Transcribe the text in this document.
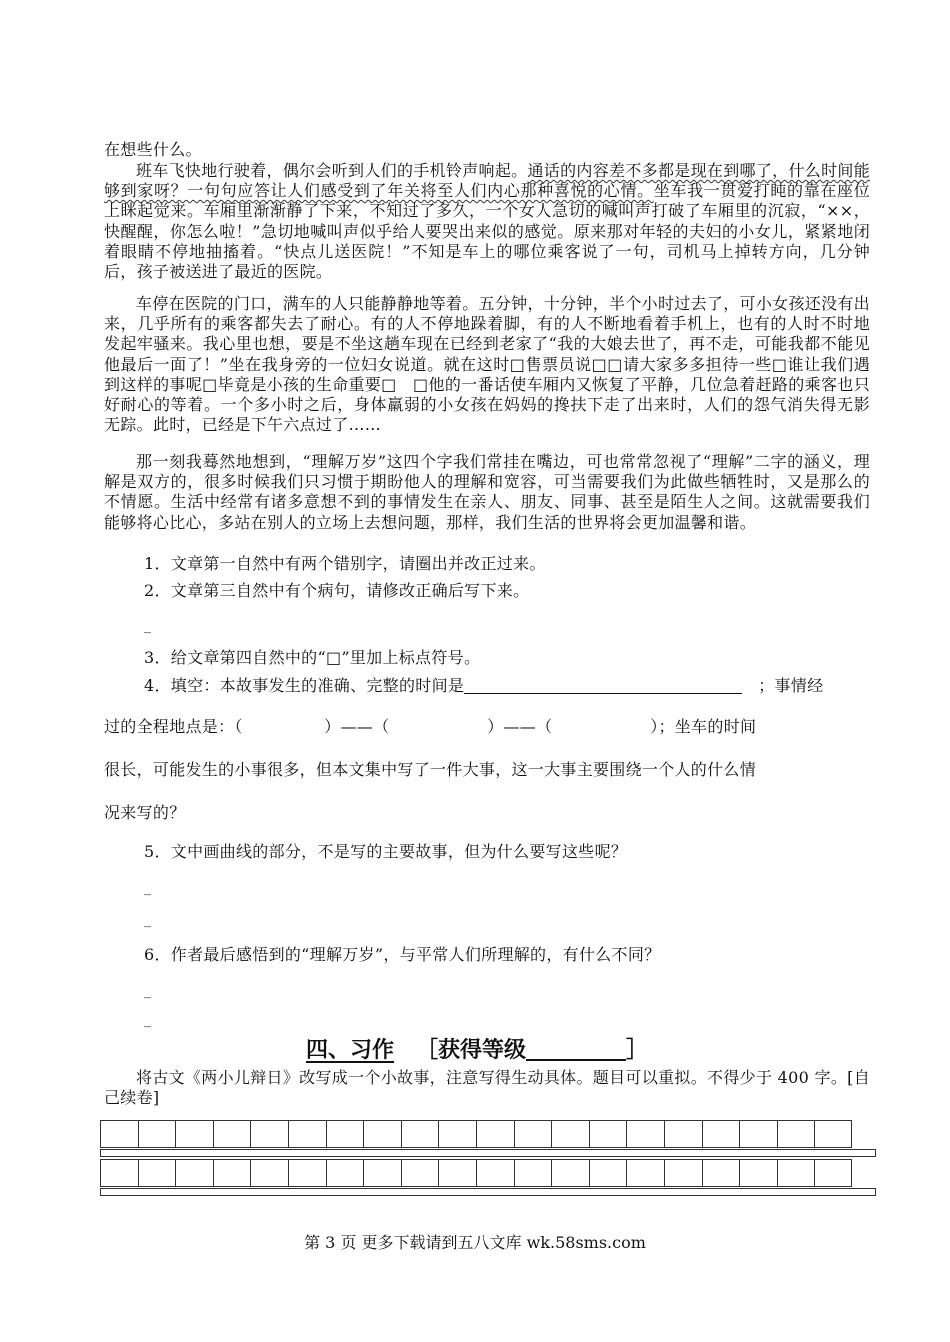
在想些什么。

班车飞快地行驶着，偶尔会听到人们的手机铃声响起。通话的内容差不多都是现在到哪了，什么时间能够到家呀？一句句应答让人们感受到了年关将至人们内心那种喜悦的心情。坐车我一贯爱打盹的靠在座位上眯起觉来。车厢里渐渐静了下来，不知过了多久，一个女人急切的喊叫声打破了车厢里的沉寂，“××，快醒醒，你怎么啦！”急切地喊叫声似乎给人要哭出来似的感觉。原来那对年轻的夫妇的小女儿，紧紧地闭着眼睛不停地抽搐着。“快点儿送医院！”不知是车上的哪位乘客说了一句，司机马上掉转方向，几分钟后，孩子被送进了最近的医院。

车停在医院的门口，满车的人只能静静地等着。五分钟，十分钟，半个小时过去了，可小女孩还没有出来，几乎所有的乘客都失去了耐心。有的人不停地跺着脚，有的人不断地看着手机上，也有的人时不时地发起牢骚来。我心里也想，要是不坐这趟车现在已经到老家了“我的大娘去世了，再不走，可能我都不能见他最后一面了！”坐在我身旁的一位妇女说道。就在这时□售票员说□□请大家多多担待一些□谁让我们遇到这样的事呢□毕竟是小孩的生命重要□　□他的一番话使车厢内又恢复了平静，几位急着赶路的乘客也只好耐心的等着。一个多小时之后，身体羸弱的小女孩在妈妈的搀扶下走了出来时，人们的怨气消失得无影无踪。此时，已经是下午六点过了……

那一刻我蓦然地想到，“理解万岁”这四个字我们常挂在嘴边，可也常常忽视了“理解”二字的涵义，理解是双方的，很多时候我们只习惯于期盼他人的理解和宽容，可当需要我们为此做些牺牲时，又是那么的不情愿。生活中经常有诸多意想不到的事情发生在亲人、朋友、同事、甚至是陌生人之间。这就需要我们能够将心比心，多站在别人的立场上去想问题，那样，我们生活的世界将会更加温馨和谐。

1．文章第一自然中有两个错别字，请圈出并改正过来。

2．文章第三自然中有个病句，请修改正确后写下来。

_

3．给文章第四自然中的“□”里加上标点符号。

4．填空：本故事发生的准确、完整的时间是	；事情经

过的全程地点是：（　　　　　）——（　　　　　　）——（　　　　　　）；坐车的时间

很长，可能发生的小事很多，但本文集中写了一件大事，这一大事主要围绕一个人的什么情

况来写的？

5．文中画曲线的部分，不是写的主要故事，但为什么要写这些呢？

_

_

6．作者最后感悟到的“理解万岁”，与平常人们所理解的，有什么不同？

_

_

四、习作 ［获得等级	］

将古文《两小儿辩日》改写成一个小故事，注意写得生动具体。题目可以重拟。不得少于 400 字。[自己续卷]

第 3 页 更多下载请到五八文库 wk.58sms.com
